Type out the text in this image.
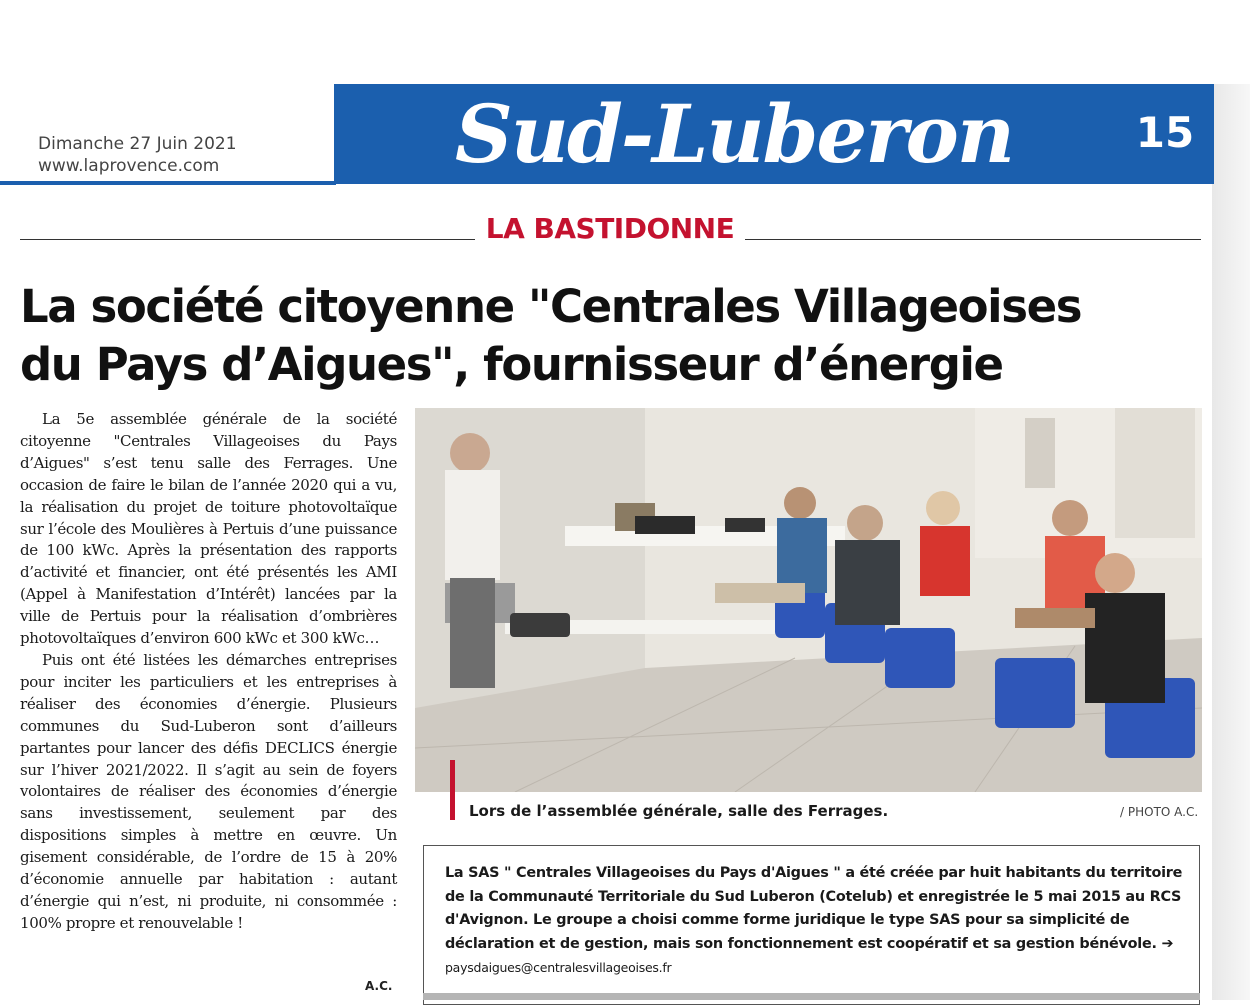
Sud-Luberon	15
Dimanche 27 Juin 2021
www.laprovence.com
LA BASTIDONNE
La société citoyenne "Centrales Villageoises
du Pays d’Aigues", fournisseur d’énergie

La 5e assemblée générale de la société citoyenne "Centrales Villageoises du Pays d’Aigues" s’est tenu salle des Ferrages. Une occasion de faire le bilan de l’année 2020 qui a vu, la réalisation du projet de toiture photovoltaïque sur l’école des Moulières à Pertuis d’une puissance de 100 kWc. Après la présentation des rapports d’activité et financier, ont été présentés les AMI (Appel à Manifestation d’Intérêt) lancées par la ville de Pertuis pour la réalisation d’ombrières photovoltaïques d’environ 600 kWc et 300 kWc…

Puis ont été listées les démarches entreprises pour inciter les particuliers et les entreprises à réaliser des économies d’énergie. Plusieurs communes du Sud-Luberon sont d’ailleurs partantes pour lancer des défis DECLICS énergie sur l’hiver 2021/2022. Il s’agit au sein de foyers volontaires de réaliser des économies d’énergie sans investissement, seulement par des dispositions simples à mettre en œuvre. Un gisement considérable, de l’ordre de 15 à 20% d’économie annuelle par habitation : autant d’énergie qui n’est, ni produite, ni consommée : 100% propre et renouvelable !

A.C.
Lors de l’assemblée générale, salle des Ferrages.	/ PHOTO A.C.
La SAS " Centrales Villageoises du Pays d'Aigues " a été créée par huit habitants du territoire de la Communauté Territoriale du Sud Luberon (Cotelub) et enregistrée le 5 mai 2015 au RCS d'Avignon. Le groupe a choisi comme forme juridique le type SAS pour sa simplicité de déclaration et de gestion, mais son fonctionnement est coopératif et sa gestion bénévole. ➔ paysdaigues@centralesvillageoises.fr
